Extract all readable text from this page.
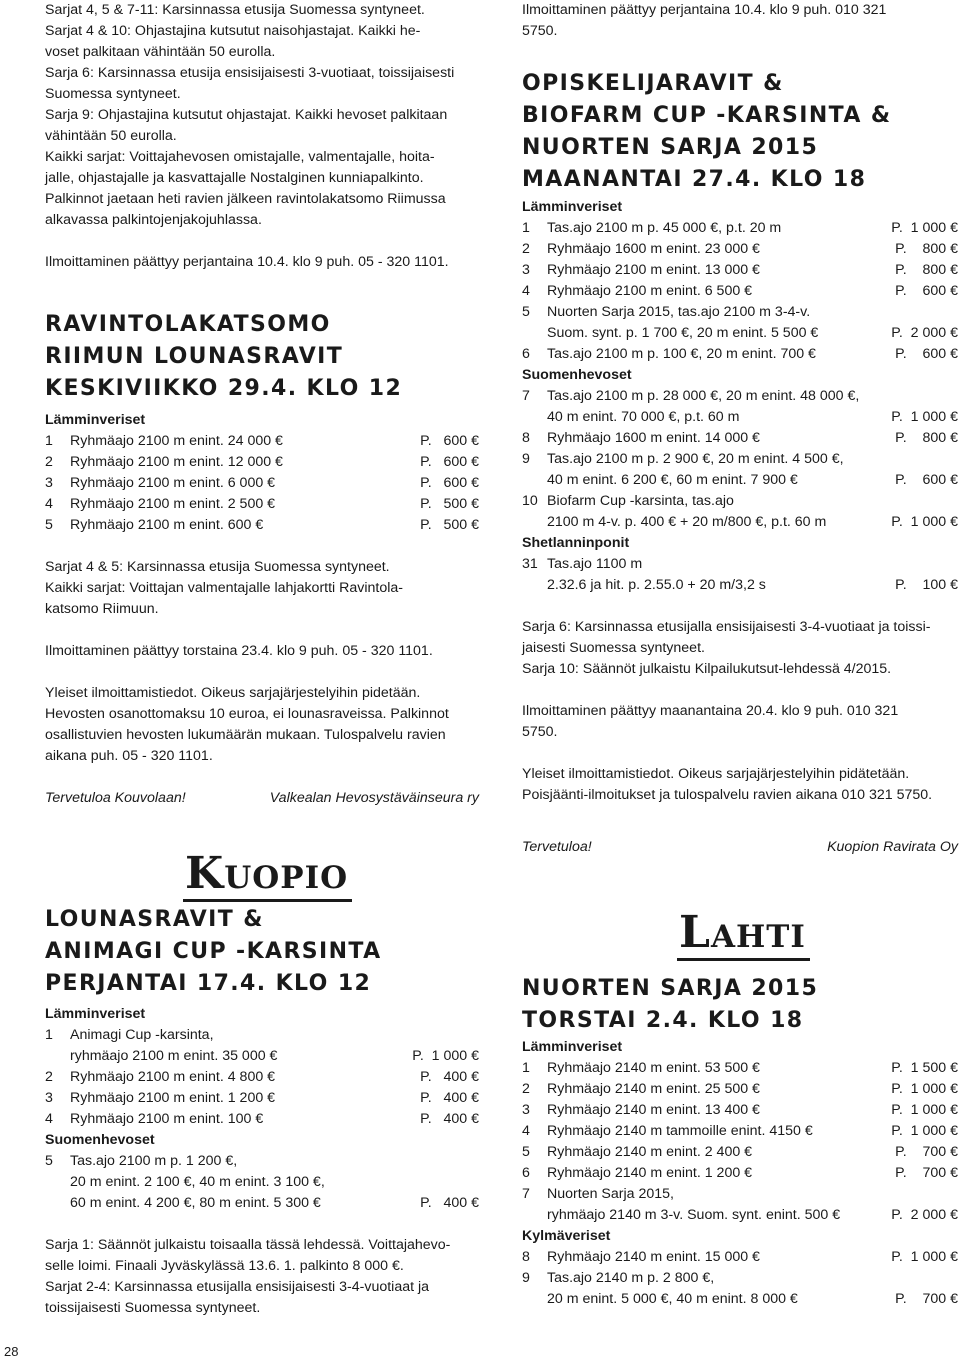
Sarjat 4, 5 & 7-11: Karsinnassa etusija Suomessa syntyneet.
Sarjat 4 & 10: Ohjastajina kutsutut naisohjastajat. Kaikki he-
voset palkitaan vähintään 50 eurolla.
Sarja 6: Karsinnassa etusija ensisijaisesti 3-vuotiaat, toissijaisesti
Suomessa syntyneet.
Sarja 9: Ohjastajina kutsutut ohjastajat. Kaikki hevoset palkitaan
vähintään 50 eurolla.
Kaikki sarjat: Voittajahevosen omistajalle, valmentajalle, hoita-
jalle, ohjastajalle ja kasvattajalle Nostalginen kunniapalkinto.
Palkinnot jaetaan heti ravien jälkeen ravintolakatsomo Riimussa
alkavassa palkintojenjakojuhlassa.

Ilmoittaminen päättyy perjantaina 10.4. klo 9 puh. 05 - 320 1101.

RAVINTOLAKATSOMO
RIIMUN LOUNASRAVIT
KESKIVIIKKO 29.4. KLO 12
Lämminveriset
1	Ryhmäajo 2100 m enint. 24 000 €	P.   600 €
2	Ryhmäajo 2100 m enint. 12 000 €	P.   600 €
3	Ryhmäajo 2100 m enint. 6 000 €	P.   600 €
4	Ryhmäajo 2100 m enint. 2 500 €	P.   500 €
5	Ryhmäajo 2100 m enint. 600 €	P.   500 €
Sarjat 4 & 5: Karsinnassa etusija Suomessa syntyneet.
Kaikki sarjat: Voittajan valmentajalle lahjakortti Ravintola-
katsomo Riimuun.

Ilmoittaminen päättyy torstaina 23.4. klo 9 puh. 05 - 320 1101.

Yleiset ilmoittamistiedot. Oikeus sarjajärjestelyihin pidetään.
Hevosten osanottomaksu 10 euroa, ei lounasraveissa. Palkinnot
osallistuvien hevosten lukumäärän mukaan. Tulospalvelu ravien
aikana puh. 05 - 320 1101.
Tervetuloa Kouvolaan!	Valkealan Hevosystäväinseura ry
Kuopio
LOUNASRAVIT &
ANIMAGI CUP -KARSINTA
PERJANTAI 17.4. KLO 12
Lämminveriset
1	Animagi Cup -karsinta,
ryhmäajo 2100 m enint. 35 000 €	P.  1 000 €
2	Ryhmäajo 2100 m enint. 4 800 €	P.   400 €
3	Ryhmäajo 2100 m enint. 1 200 €	P.   400 €
4	Ryhmäajo 2100 m enint. 100 €	P.   400 €
Suomenhevoset
5	Tas.ajo 2100 m p. 1 200 €,
20 m enint. 2 100 €, 40 m enint. 3 100 €,
60 m enint. 4 200 €, 80 m enint. 5 300 €	P.   400 €
Sarja 1: Säännöt julkaistu toisaalla tässä lehdessä. Voittajahevo-
selle loimi. Finaali Jyväskylässä 13.6. 1. palkinto 8 000 €.
Sarjat 2-4: Karsinnassa etusijalla ensisijaisesti 3-4-vuotiaat ja
toissijaisesti Suomessa syntyneet.
Ilmoittaminen päättyy perjantaina 10.4. klo 9 puh. 010 321
5750.
OPISKELIJARAVIT &
BIOFARM CUP -KARSINTA &
NUORTEN SARJA 2015
MAANANTAI 27.4. KLO 18
Lämminveriset
1	Tas.ajo 2100 m p. 45 000 €, p.t. 20 m	P.  1 000 €
2	Ryhmäajo 1600 m enint. 23 000 €	P.    800 €
3	Ryhmäajo 2100 m enint. 13 000 €	P.    800 €
4	Ryhmäajo 2100 m enint. 6 500 €	P.    600 €
5	Nuorten Sarja 2015, tas.ajo 2100 m 3-4-v.
Suom. synt. p. 1 700 €, 20 m enint. 5 500 €	P.  2 000 €
6	Tas.ajo 2100 m p. 100 €, 20 m enint. 700 €	P.    600 €
Suomenhevoset
7	Tas.ajo 2100 m p. 28 000 €, 20 m enint. 48 000 €,
40 m enint. 70 000 €, p.t. 60 m	P.  1 000 €
8	Ryhmäajo 1600 m enint. 14 000 €	P.    800 €
9	Tas.ajo 2100 m p. 2 900 €, 20 m enint. 4 500 €,
40 m enint. 6 200 €, 60 m enint. 7 900 €	P.    600 €
10 Biofarm Cup -karsinta, tas.ajo
2100 m 4-v. p. 400 € + 20 m/800 €, p.t. 60 m	P.  1 000 €
Shetlanninponit
31 Tas.ajo 1100 m
2.32.6 ja hit. p. 2.55.0 + 20 m/3,2 s	P.    100 €
Sarja 6: Karsinnassa etusijalla ensisijaisesti 3-4-vuotiaat ja toissi-
jaisesti Suomessa syntyneet.
Sarja 10: Säännöt julkaistu Kilpailukutsut-lehdessä 4/2015.
Ilmoittaminen päättyy maanantaina 20.4. klo 9 puh. 010 321
5750.
Yleiset ilmoittamistiedot. Oikeus sarjajärjestelyihin pidätetään.
Poisjäänti-ilmoitukset ja tulospalvelu ravien aikana 010 321 5750.
Tervetuloa!	Kuopion Ravirata Oy
Lahti
NUORTEN SARJA 2015
TORSTAI 2.4. KLO 18
Lämminveriset
1	Ryhmäajo 2140 m enint. 53 500 €	P.  1 500 €
2	Ryhmäajo 2140 m enint. 25 500 €	P.  1 000 €
3	Ryhmäajo 2140 m enint. 13 400 €	P.  1 000 €
4	Ryhmäajo 2140 m tammoille enint. 4150 €	P.  1 000 €
5	Ryhmäajo 2140 m enint. 2 400 €	P.    700 €
6	Ryhmäajo 2140 m enint. 1 200 €	P.    700 €
7	Nuorten Sarja 2015,
ryhmäajo 2140 m 3-v. Suom. synt. enint. 500 €	P.  2 000 €
Kylmäveriset
8	Ryhmäajo 2140 m enint. 15 000 €	P.  1 000 €
9	Tas.ajo 2140 m p. 2 800 €,
20 m enint. 5 000 €, 40 m enint. 8 000 €	P.    700 €
28
